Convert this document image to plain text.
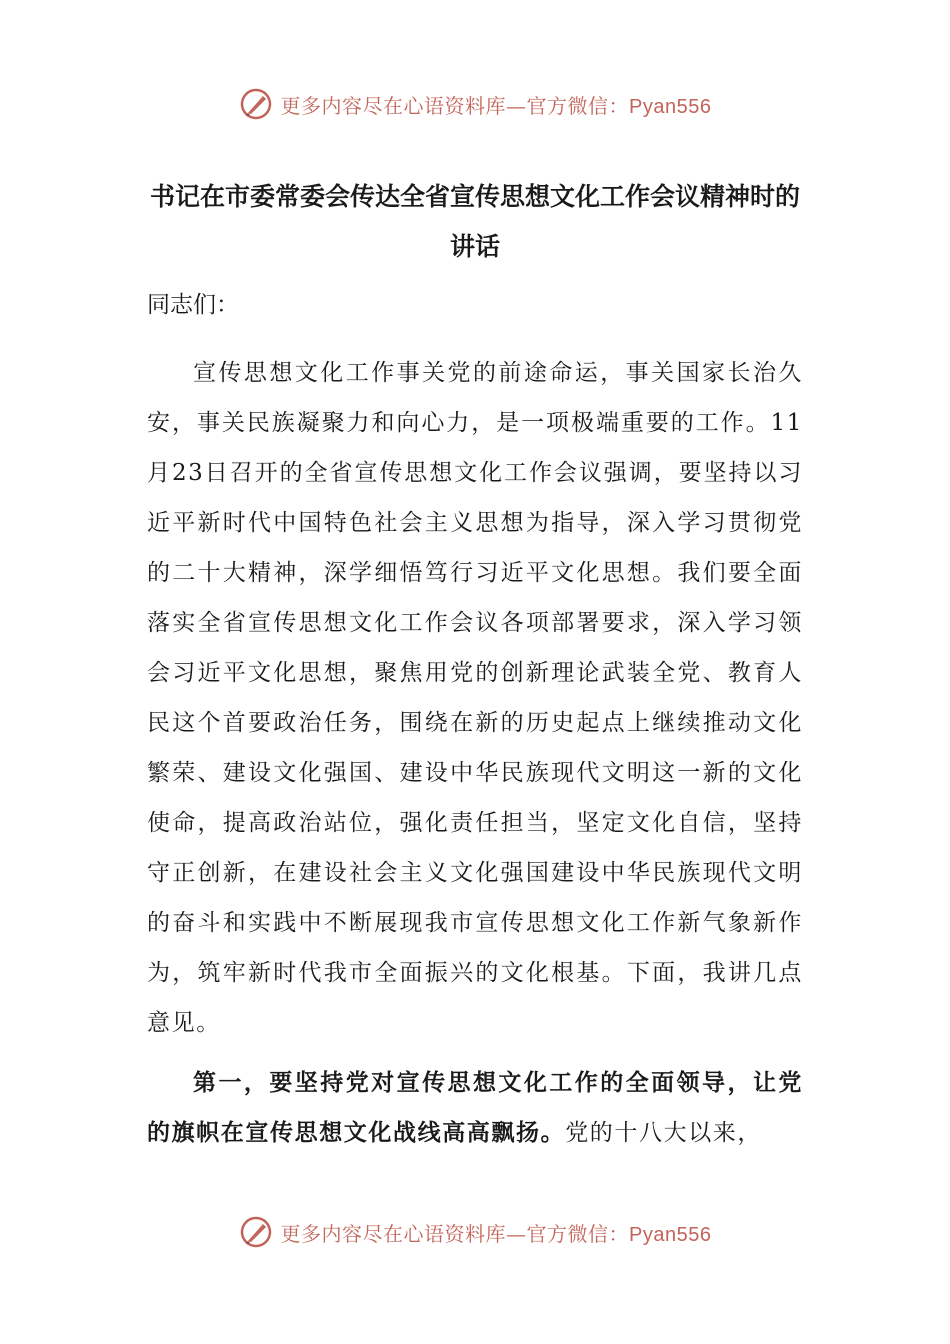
更多内容尽在心语资料库—官方微信：Pyan556
书记在市委常委会传达全省宣传思想文化工作会议精神时的讲话
同志们：
宣传思想文化工作事关党的前途命运，事关国家长治久安，事关民族凝聚力和向心力，是一项极端重要的工作。11月23日召开的全省宣传思想文化工作会议强调，要坚持以习近平新时代中国特色社会主义思想为指导，深入学习贯彻党的二十大精神，深学细悟笃行习近平文化思想。我们要全面落实全省宣传思想文化工作会议各项部署要求，深入学习领会习近平文化思想，聚焦用党的创新理论武装全党、教育人民这个首要政治任务，围绕在新的历史起点上继续推动文化繁荣、建设文化强国、建设中华民族现代文明这一新的文化使命，提高政治站位，强化责任担当，坚定文化自信，坚持守正创新，在建设社会主义文化强国建设中华民族现代文明的奋斗和实践中不断展现我市宣传思想文化工作新气象新作为，筑牢新时代我市全面振兴的文化根基。下面，我讲几点意见。
第一，要坚持党对宣传思想文化工作的全面领导，让党的旗帜在宣传思想文化战线高高飘扬。党的十八大以来，
更多内容尽在心语资料库—官方微信：Pyan556
